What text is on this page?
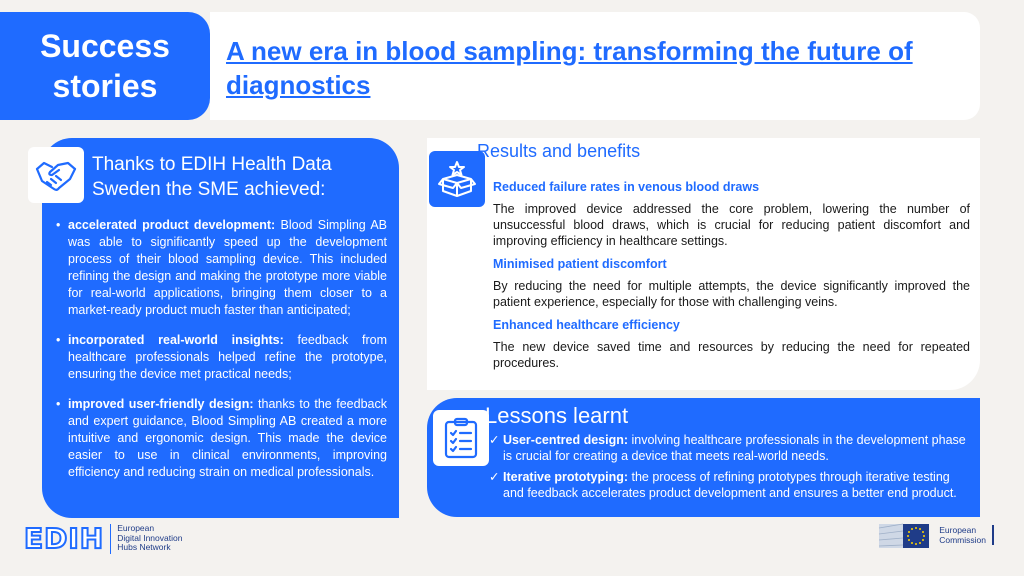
Success
stories
A new era in blood sampling: transforming the future of diagnostics
Thanks to EDIH Health Data
Sweden the SME achieved:
• accelerated product development: Blood Simpling AB was able to significantly speed up the development process of their blood sampling device. This included refining the design and making the prototype more viable for real-world applications, bringing them closer to a market-ready product much faster than anticipated;
• incorporated real-world insights: feedback from healthcare professionals helped refine the prototype, ensuring the device met practical needs;
• improved user-friendly design: thanks to the feedback and expert guidance, Blood Simpling AB created a more intuitive and ergonomic design. This made the device easier to use in clinical environments, improving efficiency and reducing strain on medical professionals.
Results and benefits
Reduced failure rates in venous blood draws

The improved device addressed the core problem, lowering the number of unsuccessful blood draws, which is crucial for reducing patient discomfort and improving efficiency in healthcare settings.

Minimised patient discomfort

By reducing the need for multiple attempts, the device significantly improved the patient experience, especially for those with challenging veins.

Enhanced healthcare efficiency

The new device saved time and resources by reducing the need for repeated procedures.

Lessons learnt
✓ User-centred design: involving healthcare professionals in the development phase is crucial for creating a device that meets real-world needs.
✓ Iterative prototyping: the process of refining prototypes through iterative testing and feedback accelerates product development and ensures a better end product.
EDIH European
Digital Innovation
Hubs Network
European
Commission
